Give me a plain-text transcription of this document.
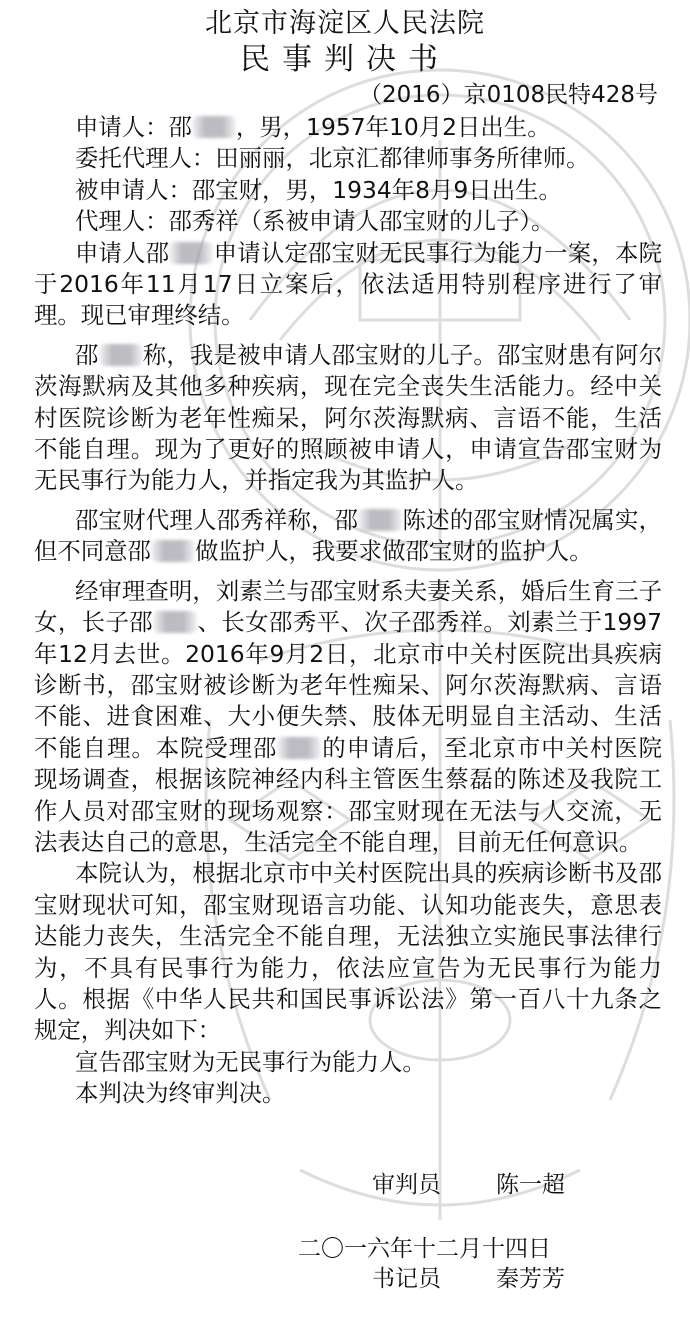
北京市海淀区人民法院
民事判决书
（2016）京0108民特428号

申请人：邵 ，男，1957年10月2日出生。

委托代理人：田丽丽，北京汇都律师事务所律师。

被申请人：邵宝财，男，1934年8月9日出生。

代理人：邵秀祥（系被申请人邵宝财的儿子）。

申请人邵 申请认定邵宝财无民事行为能力一案，本院于2016年11月17日立案后，依法适用特别程序进行了审理。现已审理终结。

邵 称，我是被申请人邵宝财的儿子。邵宝财患有阿尔茨海默病及其他多种疾病，现在完全丧失生活能力。经中关村医院诊断为老年性痴呆，阿尔茨海默病、言语不能，生活不能自理。现为了更好的照顾被申请人，申请宣告邵宝财为无民事行为能力人，并指定我为其监护人。

邵宝财代理人邵秀祥称，邵 陈述的邵宝财情况属实，但不同意邵 做监护人，我要求做邵宝财的监护人。

经审理查明，刘素兰与邵宝财系夫妻关系，婚后生育三子女，长子邵 、长女邵秀平、次子邵秀祥。刘素兰于1997年12月去世。2016年9月2日，北京市中关村医院出具疾病诊断书，邵宝财被诊断为老年性痴呆、阿尔茨海默病、言语不能、进食困难、大小便失禁、肢体无明显自主活动、生活不能自理。本院受理邵 的申请后，至北京市中关村医院现场调查，根据该院神经内科主管医生蔡磊的陈述及我院工作人员对邵宝财的现场观察：邵宝财现在无法与人交流，无法表达自己的意思，生活完全不能自理，目前无任何意识。

本院认为，根据北京市中关村医院出具的疾病诊断书及邵宝财现状可知，邵宝财现语言功能、认知功能丧失，意思表达能力丧失，生活完全不能自理，无法独立实施民事法律行为，不具有民事行为能力，依法应宣告为无民事行为能力人。根据《中华人民共和国民事诉讼法》第一百八十九条之规定，判决如下：

宣告邵宝财为无民事行为能力人。

本判决为终审判决。

审判员 陈一超
二〇一六年十二月十四日
书记员 秦芳芳
